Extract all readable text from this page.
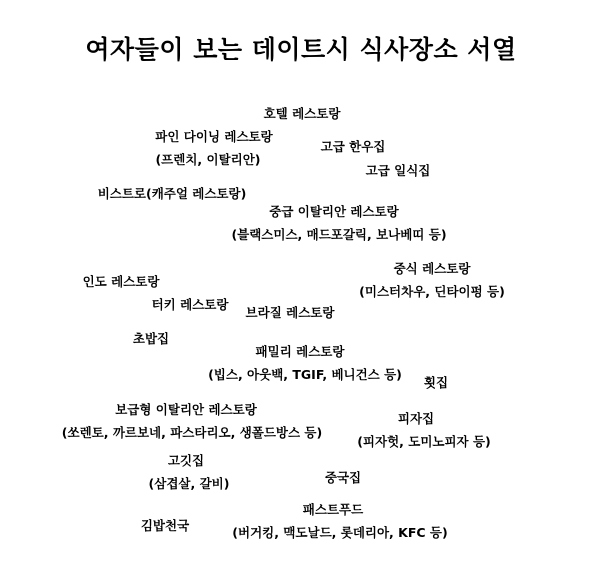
여자들이 보는 데이트시 식사장소 서열
호텔 레스토랑
파인 다이닝 레스토랑
(프렌치, 이탈리안)
고급 한우집
고급 일식집
비스트로(캐주얼 레스토랑)
중급 이탈리안 레스토랑
(블랙스미스, 매드포갈릭, 보나베띠 등)
중식 레스토랑
(미스터차우, 딘타이펑 등)
인도 레스토랑
터키 레스토랑
브라질 레스토랑
초밥집
패밀리 레스토랑
(빕스, 아웃백, TGIF, 베니건스 등)
횟집
보급형 이탈리안 레스토랑
(쏘렌토, 까르보네, 파스타리오, 생폴드방스 등)
피자집
(피자헛, 도미노피자 등)
고깃집
(삼겹살, 갈비)	중국집
패스트푸드
(버거킹, 맥도날드, 롯데리아, KFC 등)
김밥천국
